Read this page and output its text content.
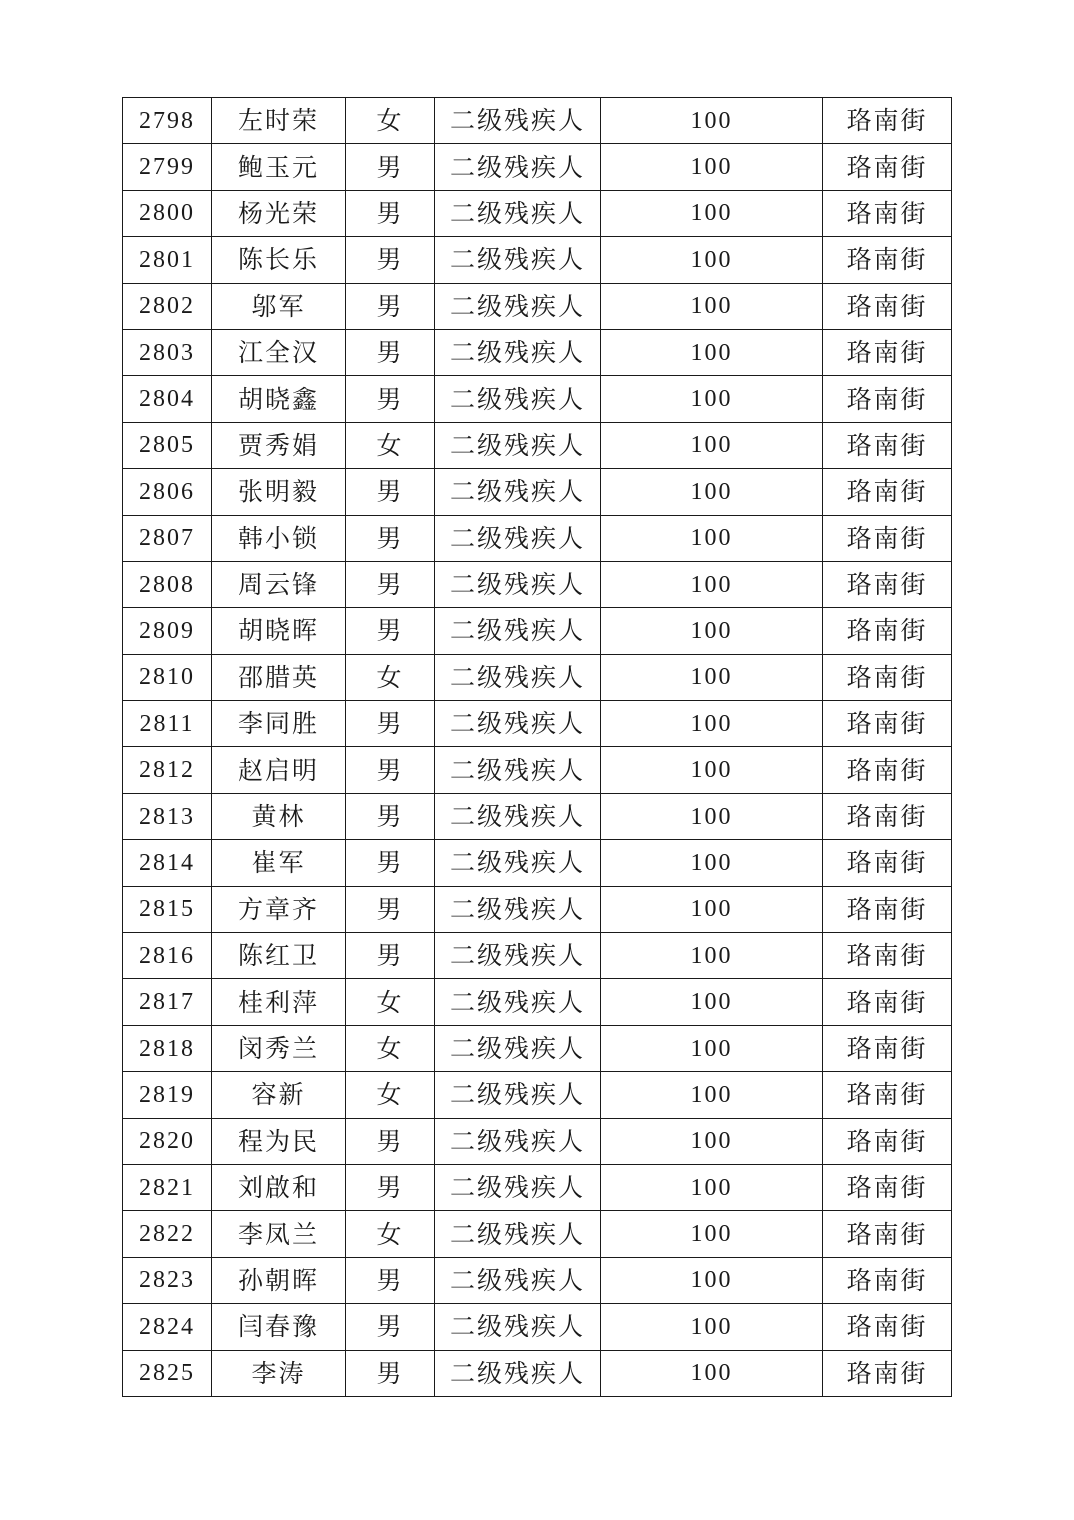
2798	左时荣	女	二级残疾人	100	珞南街
2799	鲍玉元	男	二级残疾人	100	珞南街
2800	杨光荣	男	二级残疾人	100	珞南街
2801	陈长乐	男	二级残疾人	100	珞南街
2802	邬军	男	二级残疾人	100	珞南街
2803	江全汉	男	二级残疾人	100	珞南街
2804	胡晓鑫	男	二级残疾人	100	珞南街
2805	贾秀娟	女	二级残疾人	100	珞南街
2806	张明毅	男	二级残疾人	100	珞南街
2807	韩小锁	男	二级残疾人	100	珞南街
2808	周云锋	男	二级残疾人	100	珞南街
2809	胡晓晖	男	二级残疾人	100	珞南街
2810	邵腊英	女	二级残疾人	100	珞南街
2811	李同胜	男	二级残疾人	100	珞南街
2812	赵启明	男	二级残疾人	100	珞南街
2813	黄林	男	二级残疾人	100	珞南街
2814	崔军	男	二级残疾人	100	珞南街
2815	方章齐	男	二级残疾人	100	珞南街
2816	陈红卫	男	二级残疾人	100	珞南街
2817	桂利萍	女	二级残疾人	100	珞南街
2818	闵秀兰	女	二级残疾人	100	珞南街
2819	容新	女	二级残疾人	100	珞南街
2820	程为民	男	二级残疾人	100	珞南街
2821	刘啟和	男	二级残疾人	100	珞南街
2822	李凤兰	女	二级残疾人	100	珞南街
2823	孙朝晖	男	二级残疾人	100	珞南街
2824	闫春豫	男	二级残疾人	100	珞南街
2825	李涛	男	二级残疾人	100	珞南街
